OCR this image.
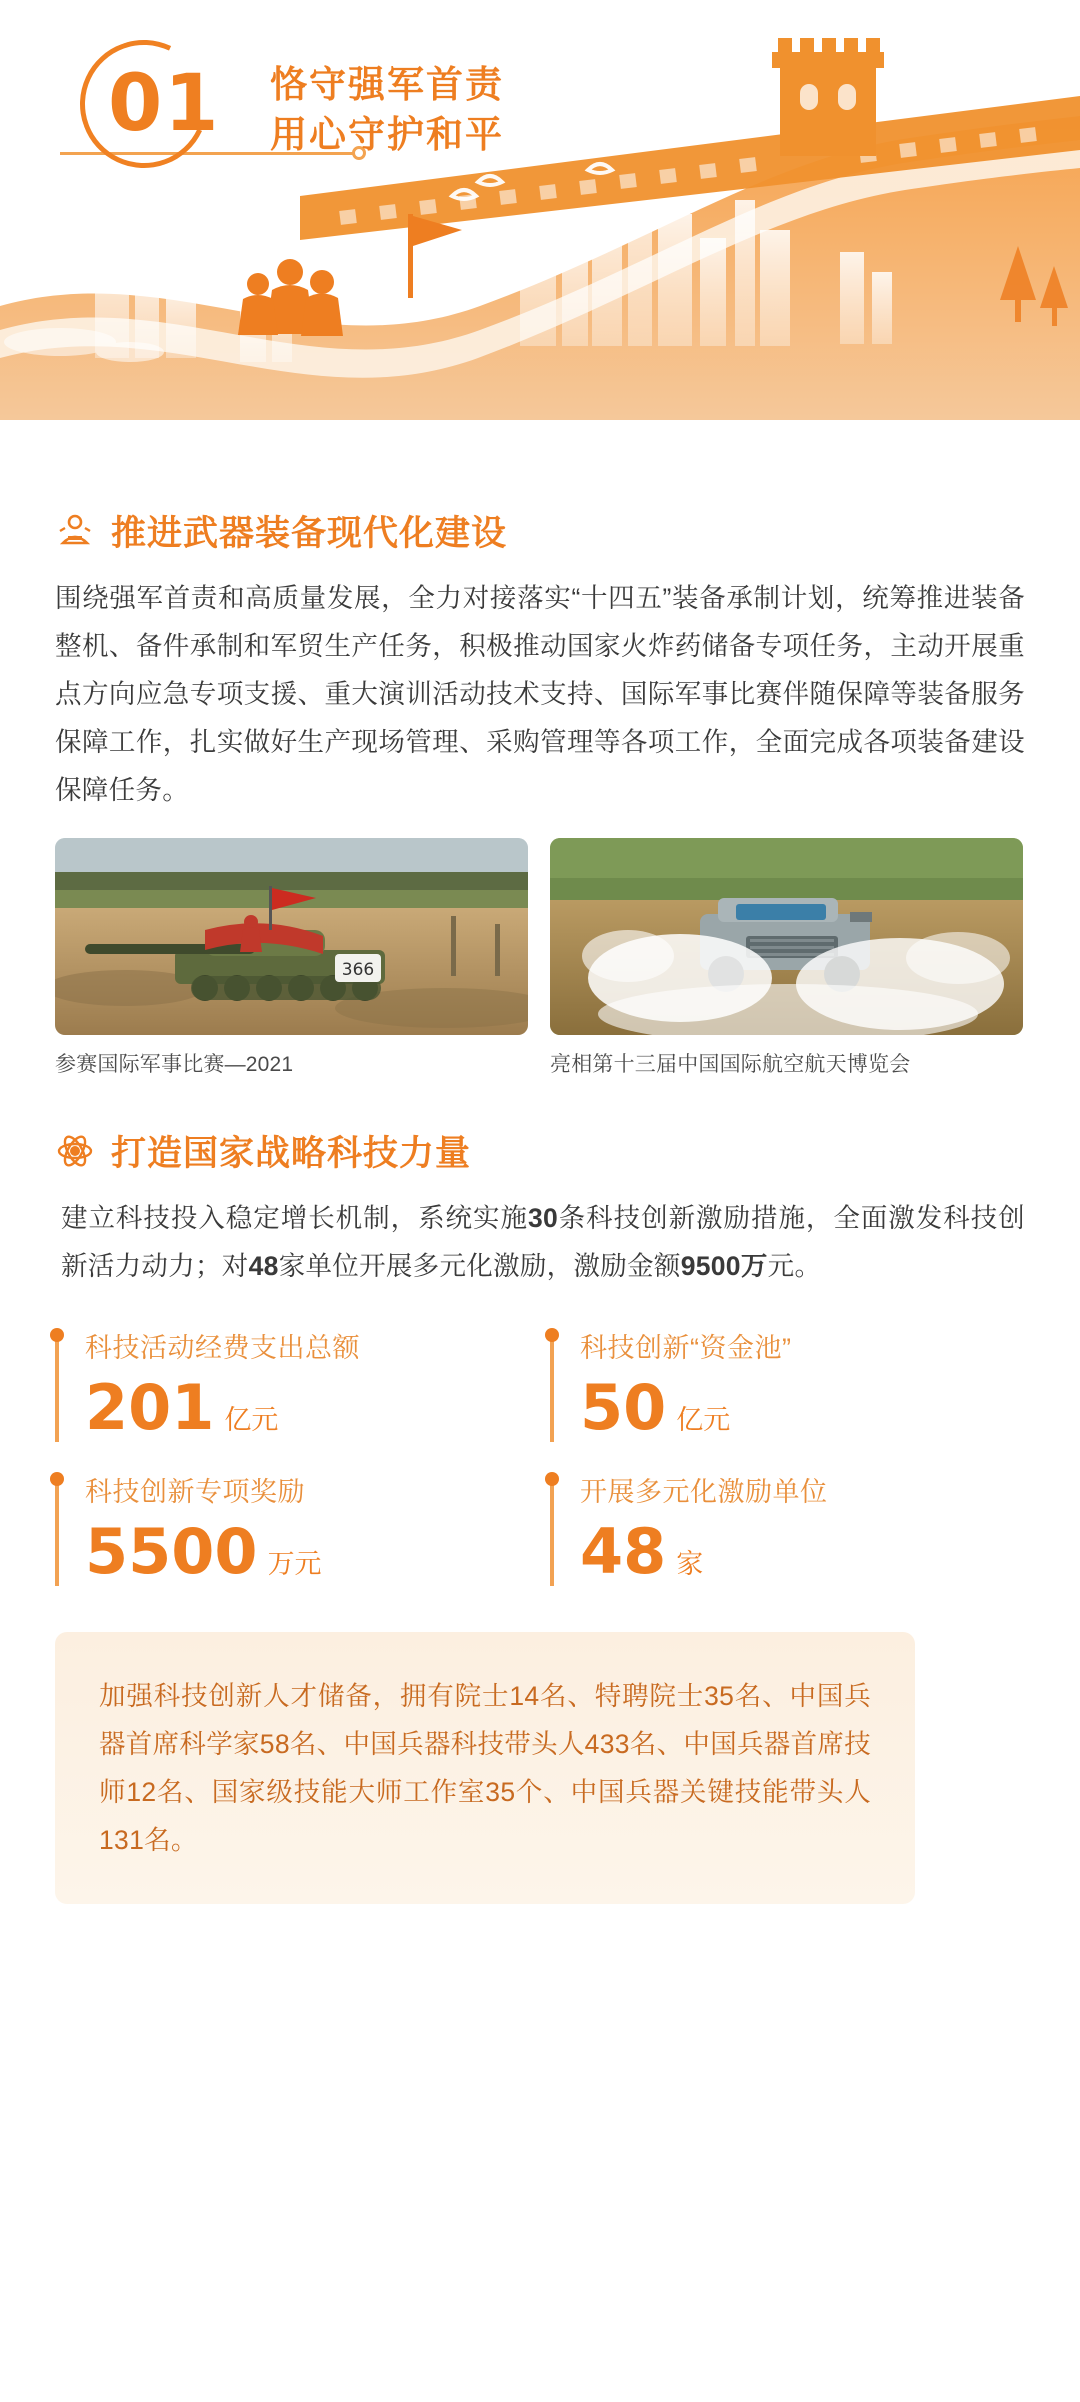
01 恪守强军首责
用心守护和平
推进武器装备现代化建设
围绕强军首责和高质量发展，全力对接落实“十四五”装备承制计划，统筹推进装备整机、备件承制和军贸生产任务，积极推动国家火炸药储备专项任务，主动开展重点方向应急专项支援、重大演训活动技术支持、国际军事比赛伴随保障等装备服务保障工作，扎实做好生产现场管理、采购管理等各项工作，全面完成各项装备建设保障任务。
366
参赛国际军事比赛—2021	亮相第十三届中国国际航空航天博览会
打造国家战略科技力量
建立科技投入稳定增长机制，系统实施30条科技创新激励措施，全面激发科技创新活力动力；对48家单位开展多元化激励，激励金额9500万元。
科技活动经费支出总额
201 亿元
科技创新“资金池”
50 亿元
科技创新专项奖励
5500 万元
开展多元化激励单位
48 家
加强科技创新人才储备，拥有院士14名、特聘院士35名、中国兵器首席科学家58名、中国兵器科技带头人433名、中国兵器首席技师12名、国家级技能大师工作室35个、中国兵器关键技能带头人131名。
